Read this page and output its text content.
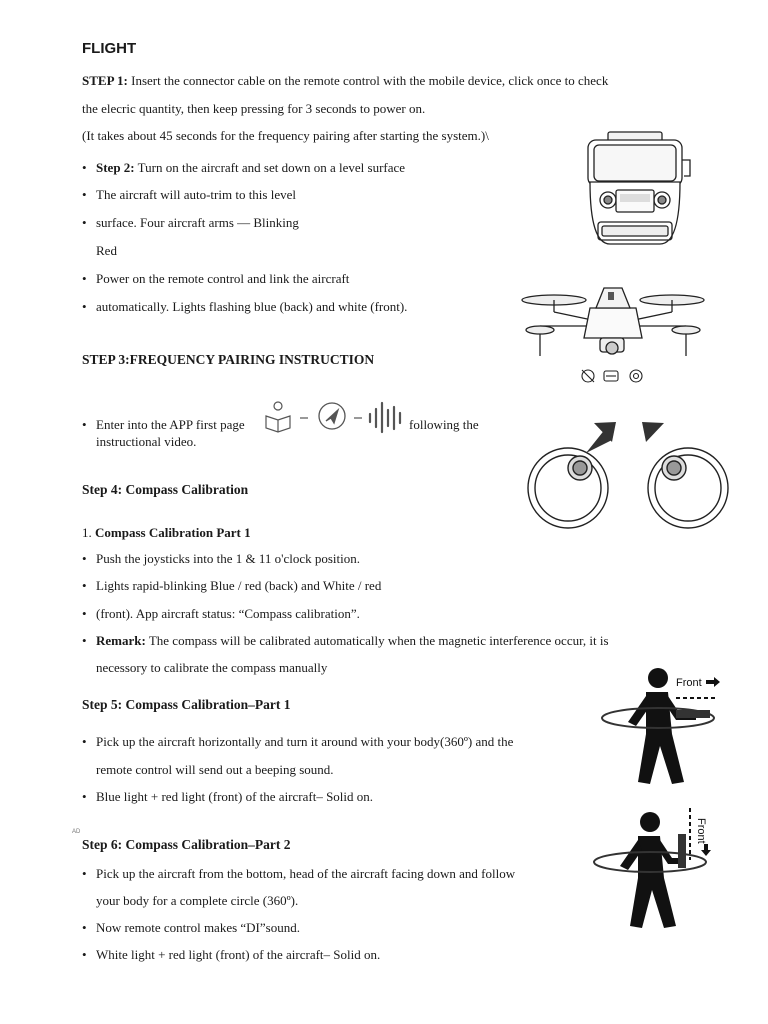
FLIGHT
STEP 1: Insert the connector cable on the remote control with the mobile device, click once to check
the elecric quantity, then keep pressing for 3 seconds to power on.
(It takes about 45 seconds for the frequency pairing after starting the system.)\
• Step 2: Turn on the aircraft and set down on a level surface
• The aircraft will auto-trim to this level
• surface. Four aircraft arms — Blinking
Red
• Power on the remote control and link the aircraft
• automatically. Lights flashing blue (back) and white (front).
STEP 3:FREQUENCY PAIRING INSTRUCTION
• Enter into the APP first page	following the
instructional video.
Step 4: Compass Calibration
1. Compass Calibration Part 1
• Push the joysticks into the 1 & 11 o'clock position.
• Lights rapid-blinking Blue / red (back) and White / red
• (front). App aircraft status: “Compass calibration”.
• Remark: The compass will be calibrated automatically when the magnetic interference occur, it is
necessory to calibrate the compass manually
Step 5: Compass Calibration–Part 1
• Pick up the aircraft horizontally and turn it around with your body(360º) and the
remote control will send out a beeping sound.
• Blue light + red light (front) of the aircraft– Solid on.
AD
Step 6: Compass Calibration–Part 2
• Pick up the aircraft from the bottom, head of the aircraft facing down and follow
your body for a complete circle (360º).
• Now remote control makes “DI”sound.
• White light + red light (front) of the aircraft– Solid on.
Front
Front
